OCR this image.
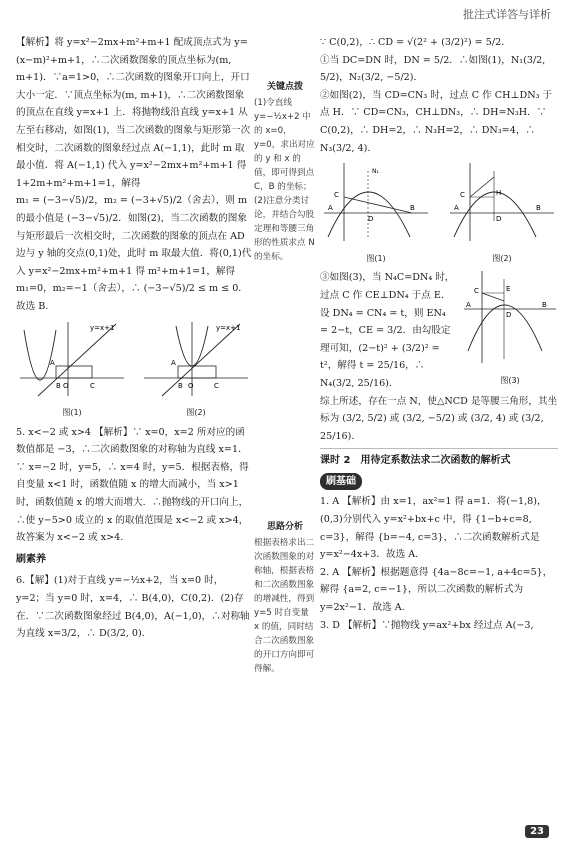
批注式详答与详析

【解析】将 y=x²−2mx+m²+m+1 配成顶点式为 y=(x−m)²+m+1，∴二次函数图象的顶点坐标为(m, m+1)．∵a=1>0，∴二次函数的图象开口向上，开口大小一定．∵顶点坐标为(m, m+1)，∴二次函数图象的顶点在直线 y=x+1 上．将抛物线沿直线 y=x+1 从左至右移动，如图(1)，当二次函数的图象与矩形第一次相交时，二次函数的图象经过点 A(−1,1)，此时 m 取最小值．将 A(−1,1) 代入 y=x²−2mx+m²+m+1 得 1+2m+m²+m+1=1，解得

m₁ = (−3−√5)/2，m₂ = (−3+√5)/2（舍去），则 m 的最小值是 (−3−√5)/2．如图(2)，当二次函数的图象与矩形最后一次相交时，二次函数的图象的顶点在 AD 边与 y 轴的交点(0,1)处，此时 m 取最大值．将(0,1)代入 y=x²−2mx+m²+m+1 得 m²+m+1=1，解得 m₁=0，m₂=−1（舍去），∴ (−3−√5)/2 ≤ m ≤ 0．故选 B.

y=x+1
A
B O	C
图(1)
y=x+1
A
B O	C
图(2)

5. x<−2 或 x>4 【解析】∵ x=0，x=2 所对应的函数值都是 −3，∴二次函数图象的对称轴为直线 x=1．∵ x=−2 时，y=5，∴ x=4 时，y=5．根据表格，得自变量 x<1 时，函数值随 x 的增大而减小，当 x>1 时，函数值随 x 的增大而增大．∴抛物线的开口向上，∴使 y−5>0 成立的 x 的取值范围是 x<−2 或 x>4，故答案为 x<−2 或 x>4.

刷素养

6.【解】(1)对于直线 y=−½x+2，当 x=0 时，y=2；当 y=0 时，x=4，∴ B(4,0)，C(0,2)．(2)存在．∵二次函数图象经过 B(4,0)，A(−1,0)，∴对称轴为直线 x=3/2，∴ D(3/2, 0).

关键点拨
(1)令直线 y=−½x+2 中的 x=0，y=0，求出对应的 y 和 x 的值，即可得到点 C，B 的坐标；(2)注意分类讨论，并结合勾股定理和等腰三角形的性质求点 N 的坐标。
思路分析
根据表格求出二次函数图象的对称轴，根据表格和二次函数图象的增减性，得到 y=5 时自变量 x 的值，同时结合二次函数图象的开口方向即可得解。

∵ C(0,2)，∴ CD = √(2² + (3/2)²) = 5/2．

①当 DC=DN 时，DN = 5/2．∴如图(1)，N₁(3/2, 5/2)，N₂(3/2, −5/2)．

②如图(2)，当 CD=CN₃ 时，过点 C 作 CH⊥DN₃ 于点 H．∵ CD=CN₃，CH⊥DN₃，∴ DH=N₃H．∵ C(0,2)，∴ DH=2，∴ N₃H=2，∴ DN₃=4，∴ N₃(3/2, 4)．

C
A
D
B
N₁
图(1)
C
A
D
H
B
图(2)

③如图(3)，当 N₄C=DN₄ 时，过点 C 作 CE⊥DN₄ 于点 E．设 DN₄ = CN₄ = t，则 EN₄ = 2−t，CE = 3/2．由勾股定理可知，(2−t)² + (3/2)² = t²，解得 t = 25/16，∴ N₄(3/2, 25/16)．

C
A
D
E
B
图(3)

综上所述，存在一点 N，使△NCD 是等腰三角形，其坐标为 (3/2, 5/2) 或 (3/2, −5/2) 或 (3/2, 4) 或 (3/2, 25/16)．

课时 2　用待定系数法求二次函数的解析式
刷基础

1. A 【解析】由 x=1，ax²=1 得 a=1．将(−1,8)，(0,3)分别代入 y=x²+bx+c 中，得 {1−b+c=8, c=3}，解得 {b=−4, c=3}，∴二次函数解析式是 y=x²−4x+3．故选 A.

2. A 【解析】根据题意得 {4a−8c=−1, a+4c=5}，解得 {a=2, c=−1}，所以二次函数的解析式为 y=2x²−1．故选 A.

3. D 【解析】∵抛物线 y=ax²+bx 经过点 A(−3,

23
